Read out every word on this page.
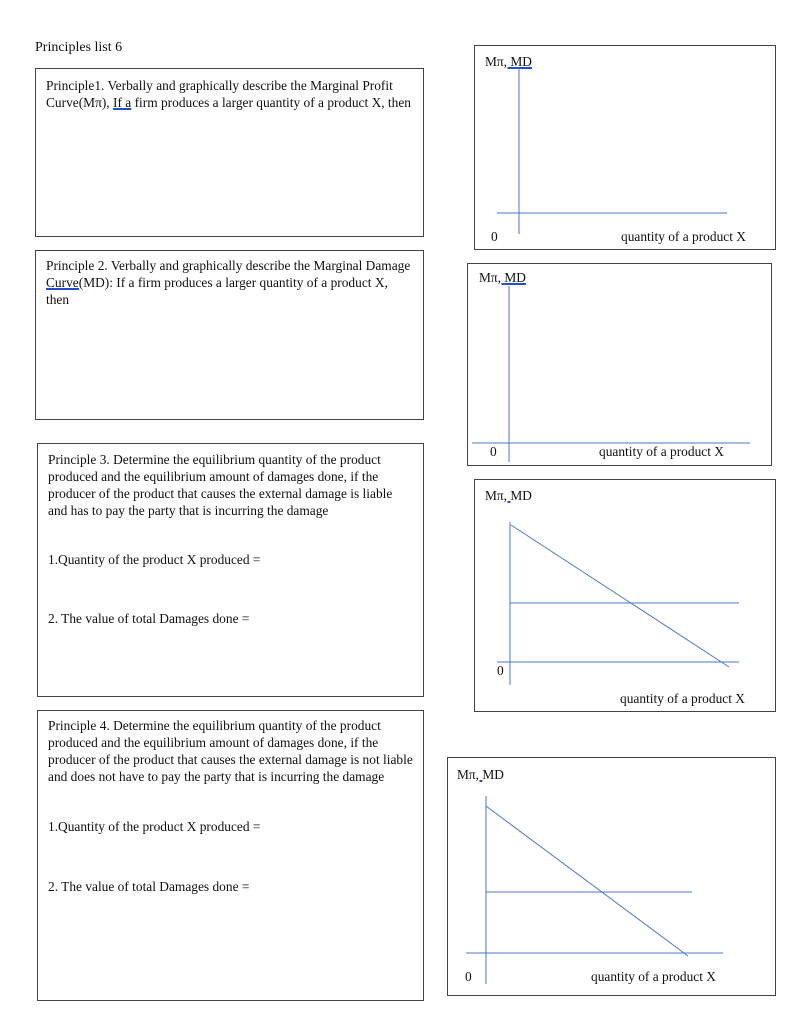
Principles list 6

Principle1. Verbally and graphically describe the Marginal Profit Curve(Mπ), If a firm produces a larger quantity of a product X, then

Principle 2. Verbally and graphically describe the Marginal Damage Curve(MD): If a firm produces a larger quantity of a product X, then

Principle 3. Determine the equilibrium quantity of the product produced and the equilibrium amount of damages done, if the producer of the product that causes the external damage is liable and has to pay the party that is incurring the damage

1.Quantity of the product X produced =
2. The value of total Damages done =

Principle 4. Determine the equilibrium quantity of the product produced and the equilibrium amount of damages done, if the producer of the product that causes the external damage is not liable and does not have to pay the party that is incurring the damage

1.Quantity of the product X produced =
2. The value of total Damages done =
Mπ, MD
0	quantity of a product X
Mπ, MD
0	quantity of a product X
Mπ, MD
0
quantity of a product X
Mπ, MD
0	quantity of a product X
